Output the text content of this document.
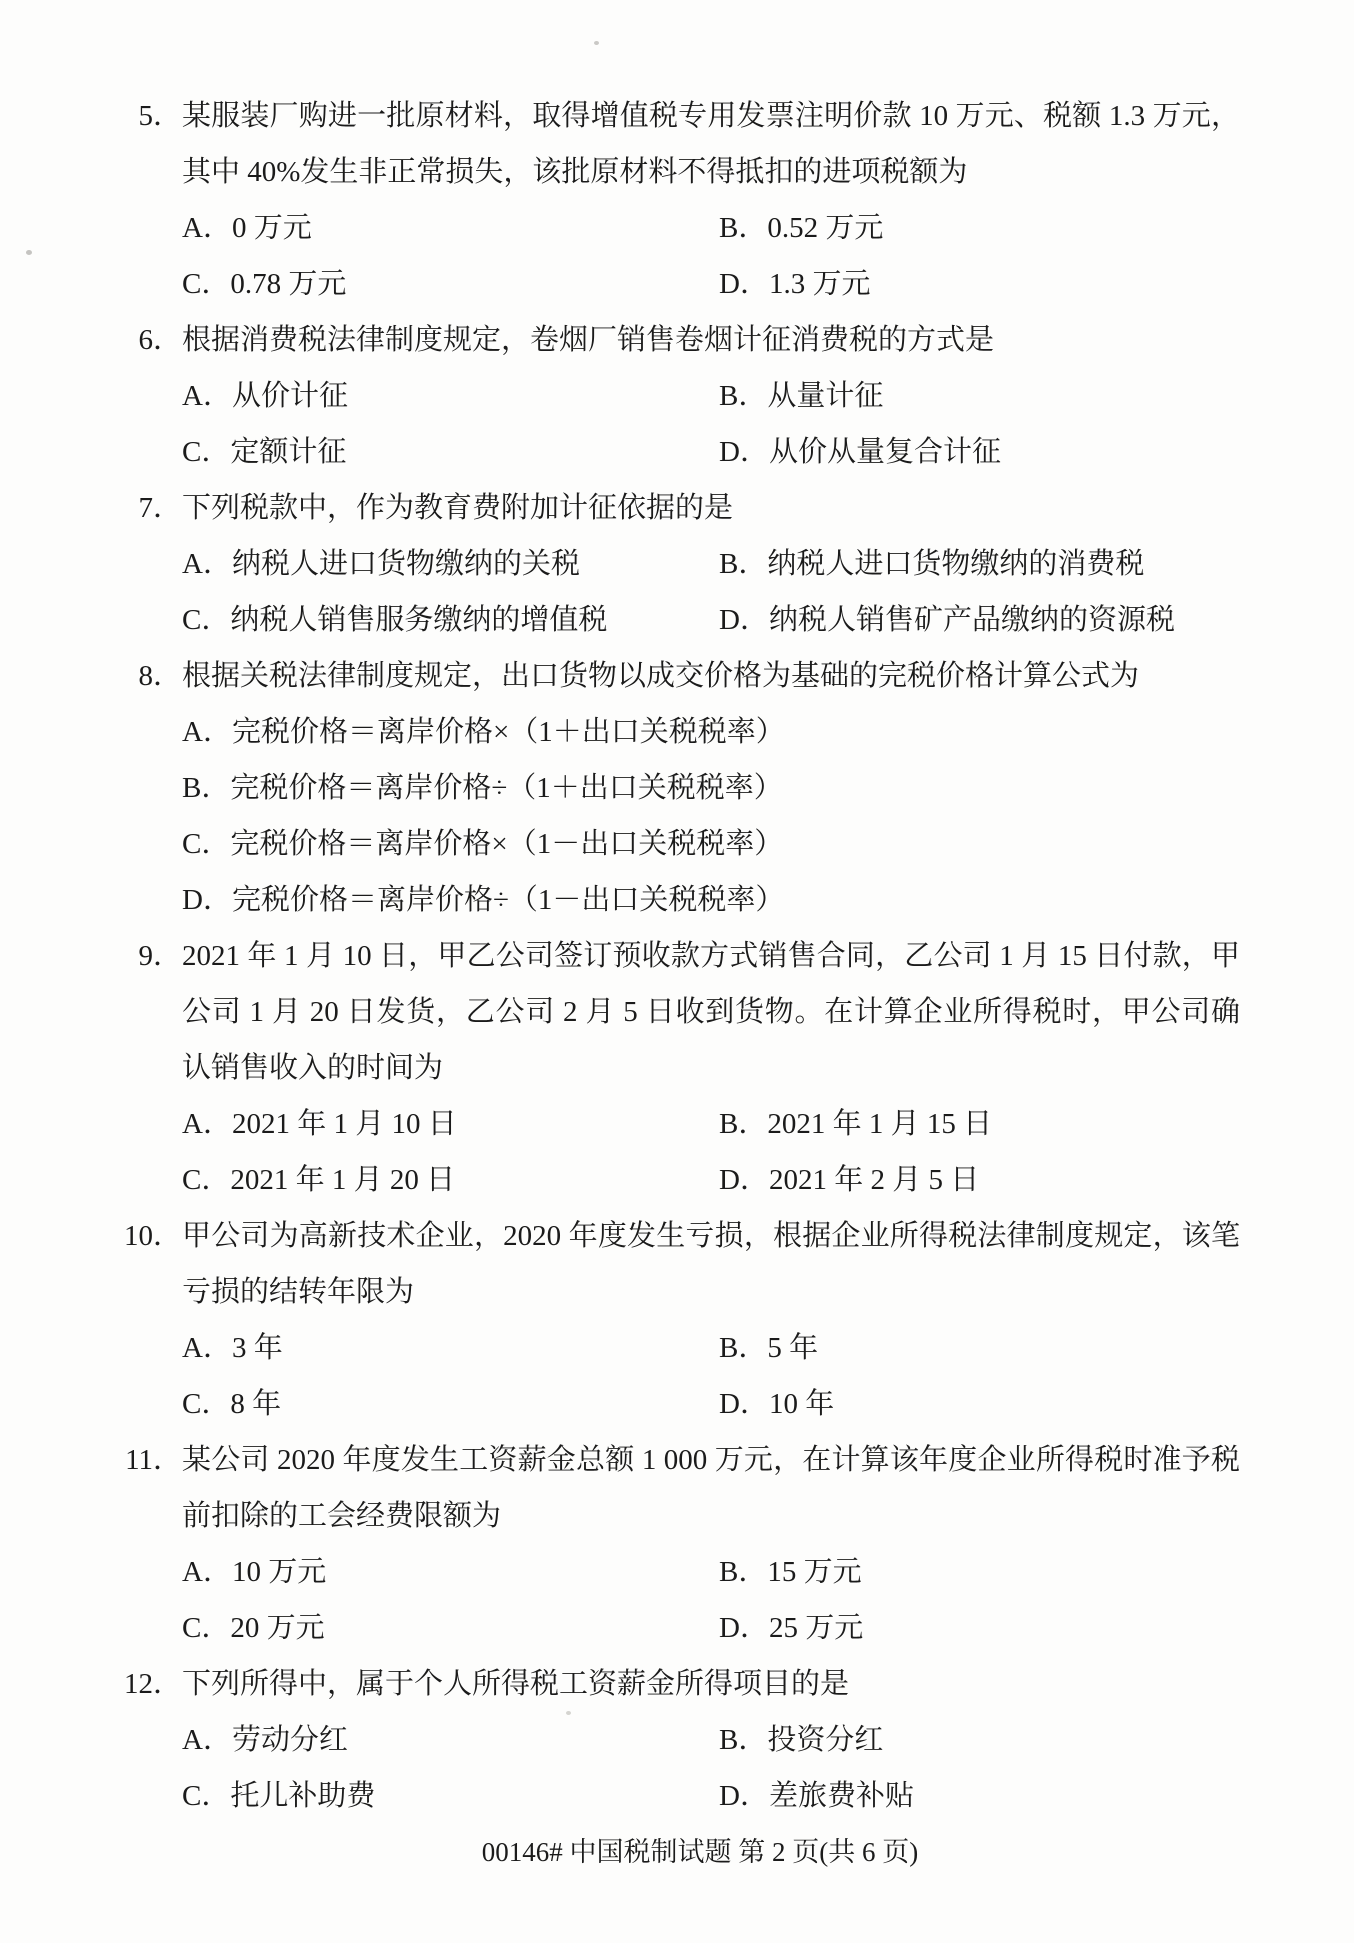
5． 某服装厂购进一批原材料，取得增值税专用发票注明价款 10 万元、税额 1.3 万元，
其中 40%发生非正常损失，该批原材料不得抵扣的进项税额为
A．0 万元	B．0.52 万元
C．0.78 万元	D．1.3 万元
6． 根据消费税法律制度规定，卷烟厂销售卷烟计征消费税的方式是
A．从价计征	B．从量计征
C．定额计征	D．从价从量复合计征
7． 下列税款中，作为教育费附加计征依据的是
A．纳税人进口货物缴纳的关税	B．纳税人进口货物缴纳的消费税
C．纳税人销售服务缴纳的增值税	D．纳税人销售矿产品缴纳的资源税
8． 根据关税法律制度规定，出口货物以成交价格为基础的完税价格计算公式为
A．完税价格＝离岸价格×（1＋出口关税税率）
B．完税价格＝离岸价格÷（1＋出口关税税率）
C．完税价格＝离岸价格×（1－出口关税税率）
D．完税价格＝离岸价格÷（1－出口关税税率）
9． 2021 年 1 月 10 日，甲乙公司签订预收款方式销售合同，乙公司 1 月 15 日付款，甲
公司 1 月 20 日发货，乙公司 2 月 5 日收到货物。在计算企业所得税时，甲公司确
认销售收入的时间为
A．2021 年 1 月 10 日	B．2021 年 1 月 15 日
C．2021 年 1 月 20 日	D．2021 年 2 月 5 日
10． 甲公司为高新技术企业，2020 年度发生亏损，根据企业所得税法律制度规定，该笔
亏损的结转年限为
A．3 年	B．5 年
C．8 年	D．10 年
11． 某公司 2020 年度发生工资薪金总额 1 000 万元，在计算该年度企业所得税时准予税
前扣除的工会经费限额为
A．10 万元	B．15 万元
C．20 万元	D．25 万元
12． 下列所得中，属于个人所得税工资薪金所得项目的是
A．劳动分红	B．投资分红
C．托儿补助费	D．差旅费补贴
00146# 中国税制试题 第 2 页(共 6 页)
